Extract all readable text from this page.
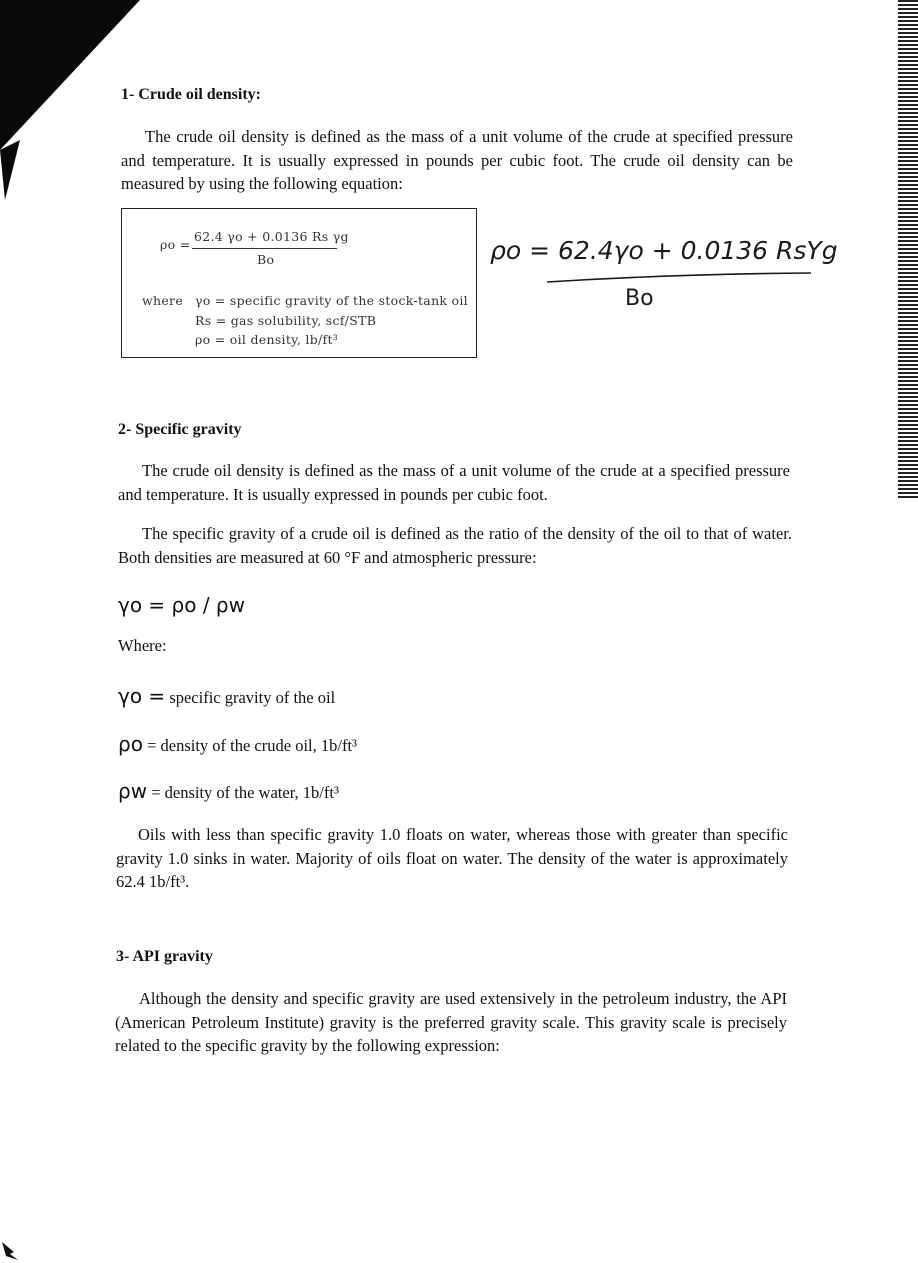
1- Crude oil density:
The crude oil density is defined as the mass of a unit volume of the crude at specified pressure and temperature. It is usually expressed in pounds per cubic foot. The crude oil density can be measured by using the following equation:
ρo =
62.4 γo + 0.0136 Rs γg
Bo
where γo = specific gravity of the stock-tank oil
Rs = gas solubility, scf/STB
ρo = oil density, lb/ft³
ρo = 62.4γo + 0.0136 RsYg
Bo
2- Specific gravity
The crude oil density is defined as the mass of a unit volume of the crude at a specified pressure and temperature. It is usually expressed in pounds per cubic foot.
The specific gravity of a crude oil is defined as the ratio of the density of the oil to that of water. Both densities are measured at 60 °F and atmospheric pressure:
γo = ρo / ρw
Where:
γo = specific gravity of the oil
ρo = density of the crude oil, 1b/ft³
ρw = density of the water, 1b/ft³
Oils with less than specific gravity 1.0 floats on water, whereas those with greater than specific gravity 1.0 sinks in water. Majority of oils float on water. The density of the water is approximately 62.4 1b/ft³.
3- API gravity
Although the density and specific gravity are used extensively in the petroleum industry, the API (American Petroleum Institute) gravity is the preferred gravity scale. This gravity scale is precisely related to the specific gravity by the following expression:
